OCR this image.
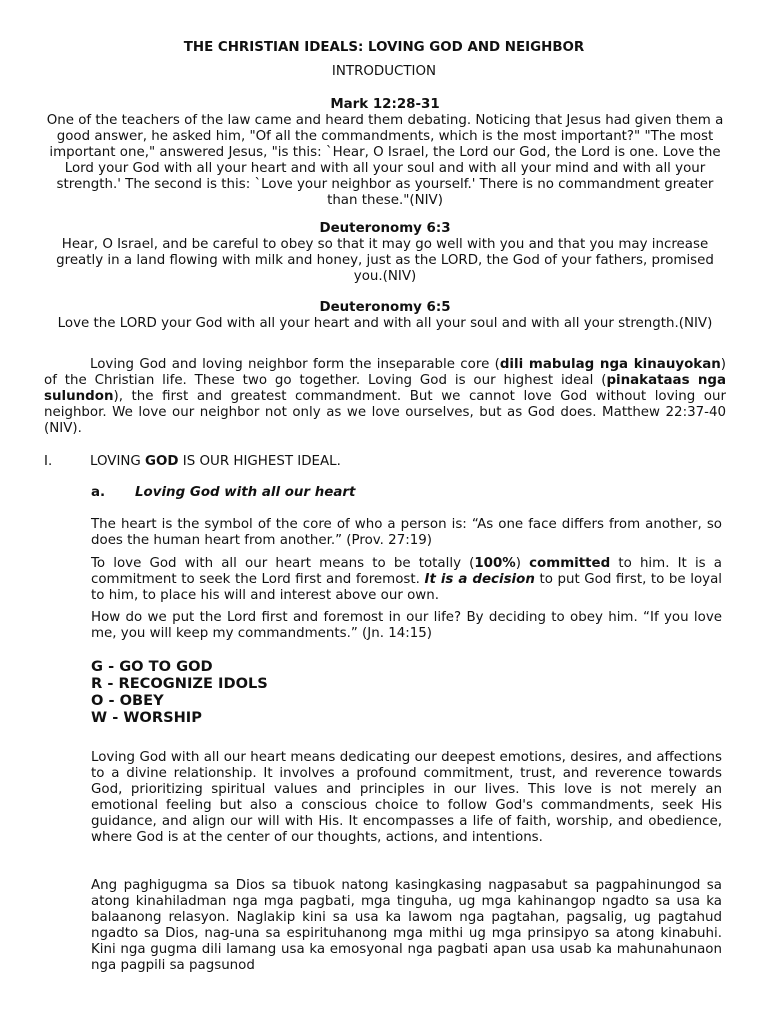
THE CHRISTIAN IDEALS: LOVING GOD AND NEIGHBOR
INTRODUCTION
Mark 12:28-31
One of the teachers of the law came and heard them debating. Noticing that Jesus had given them a good answer, he asked him, "Of all the commandments, which is the most important?" "The most important one," answered Jesus, "is this: `Hear, O Israel, the Lord our God, the Lord is one. Love the Lord your God with all your heart and with all your soul and with all your mind and with all your strength.' The second is this: `Love your neighbor as yourself.' There is no commandment greater than these."(NIV)
Deuteronomy 6:3
Hear, O Israel, and be careful to obey so that it may go well with you and that you may increase greatly in a land flowing with milk and honey, just as the LORD, the God of your fathers, promised you.(NIV)
Deuteronomy 6:5
Love the LORD your God with all your heart and with all your soul and with all your strength.(NIV)
Loving God and loving neighbor form the inseparable core (dili mabulag nga kinauyokan) of the Christian life. These two go together. Loving God is our highest ideal (pinakataas nga sulundon), the first and greatest commandment. But we cannot love God without loving our neighbor. We love our neighbor not only as we love ourselves, but as God does. Matthew 22:37-40 (NIV).
I.	LOVING GOD IS OUR HIGHEST IDEAL.
a. Loving God with all our heart
The heart is the symbol of the core of who a person is: “As one face differs from another, so does the human heart from another.” (Prov. 27:19)
To love God with all our heart means to be totally (100%) committed to him. It is a commitment to seek the Lord first and foremost. It is a decision to put God first, to be loyal to him, to place his will and interest above our own.
How do we put the Lord first and foremost in our life? By deciding to obey him. “If you love me, you will keep my commandments.” (Jn. 14:15)
G - GO TO GOD
R - RECOGNIZE IDOLS
O - OBEY
W - WORSHIP
Loving God with all our heart means dedicating our deepest emotions, desires, and affections to a divine relationship. It involves a profound commitment, trust, and reverence towards God, prioritizing spiritual values and principles in our lives. This love is not merely an emotional feeling but also a conscious choice to follow God's commandments, seek His guidance, and align our will with His. It encompasses a life of faith, worship, and obedience, where God is at the center of our thoughts, actions, and intentions.
Ang paghigugma sa Dios sa tibuok natong kasingkasing nagpasabut sa pagpahinungod sa atong kinahiladman nga mga pagbati, mga tinguha, ug mga kahinangop ngadto sa usa ka balaanong relasyon. Naglakip kini sa usa ka lawom nga pagtahan, pagsalig, ug pagtahud ngadto sa Dios, nag-una sa espirituhanong mga mithi ug mga prinsipyo sa atong kinabuhi. Kini nga gugma dili lamang usa ka emosyonal nga pagbati apan usa usab ka mahunahunaon nga pagpili sa pagsunod
